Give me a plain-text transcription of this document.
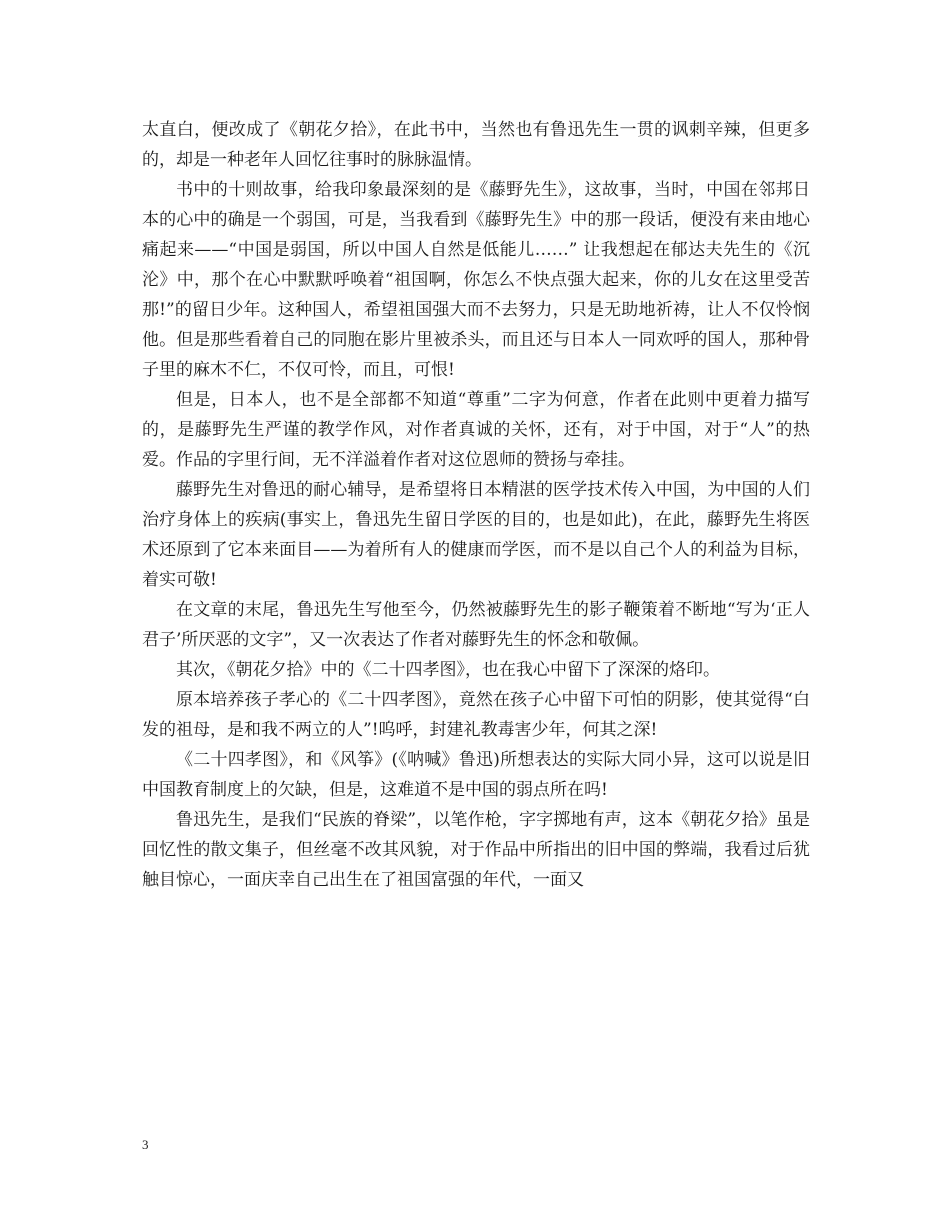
太直白，便改成了《朝花夕拾》，在此书中，当然也有鲁迅先生一贯的讽刺辛辣，但更多的，却是一种老年人回忆往事时的脉脉温情。

书中的十则故事，给我印象最深刻的是《藤野先生》，这故事，当时，中国在邻邦日本的心中的确是一个弱国，可是，当我看到《藤野先生》中的那一段话，便没有来由地心痛起来——“中国是弱国，所以中国人自然是低能儿……” 让我想起在郁达夫先生的《沉沦》中，那个在心中默默呼唤着“祖国啊，你怎么不快点强大起来，你的儿女在这里受苦那!”的留日少年。这种国人，希望祖国强大而不去努力，只是无助地祈祷，让人不仅怜悯他。但是那些看着自己的同胞在影片里被杀头，而且还与日本人一同欢呼的国人，那种骨子里的麻木不仁，不仅可怜，而且，可恨!

但是，日本人，也不是全部都不知道“尊重”二字为何意，作者在此则中更着力描写的，是藤野先生严谨的教学作风，对作者真诚的关怀，还有，对于中国，对于“人”的热爱。作品的字里行间，无不洋溢着作者对这位恩师的赞扬与牵挂。

藤野先生对鲁迅的耐心辅导，是希望将日本精湛的医学技术传入中国，为中国的人们治疗身体上的疾病(事实上，鲁迅先生留日学医的目的，也是如此)，在此，藤野先生将医术还原到了它本来面目——为着所有人的健康而学医，而不是以自己个人的利益为目标，着实可敬!

在文章的末尾，鲁迅先生写他至今，仍然被藤野先生的影子鞭策着不断地“写为‘正人君子’所厌恶的文字”，又一次表达了作者对藤野先生的怀念和敬佩。

其次，《朝花夕拾》中的《二十四孝图》，也在我心中留下了深深的烙印。

原本培养孩子孝心的《二十四孝图》，竟然在孩子心中留下可怕的阴影，使其觉得“白发的祖母，是和我不两立的人”!呜呼，封建礼教毒害少年，何其之深!

《二十四孝图》，和《风筝》(《呐喊》鲁迅)所想表达的实际大同小异，这可以说是旧中国教育制度上的欠缺，但是，这难道不是中国的弱点所在吗!

鲁迅先生，是我们“民族的脊梁”，以笔作枪，字字掷地有声，这本《朝花夕拾》虽是回忆性的散文集子，但丝毫不改其风貌，对于作品中所指出的旧中国的弊端，我看过后犹触目惊心，一面庆幸自己出生在了祖国富强的年代，一面又

3
